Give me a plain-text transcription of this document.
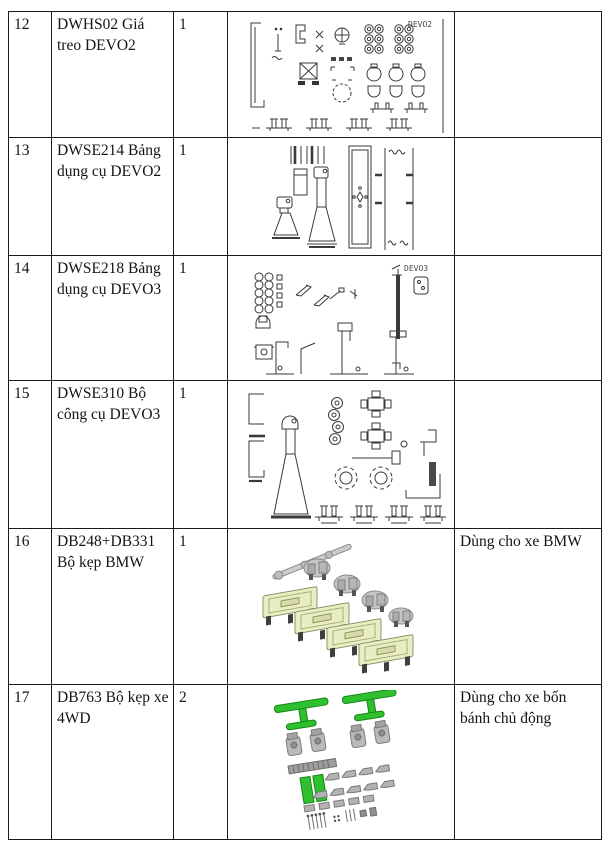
12	DWHS02 Giá treo DEVO2	1	DEVO2	

13	DWSE214 Bảng dụng cụ DEVO2	1	

14	DWSE218 Bảng dụng cụ DEVO3	1	DEVO3	

15	DWSE310 Bộ công cụ DEVO3	1	

16	DB248+DB331 Bộ kẹp BMW	1		Dùng cho xe BMW
17	DB763 Bộ kẹp xe 4WD	2		Dùng cho xe bốn bánh chủ động
